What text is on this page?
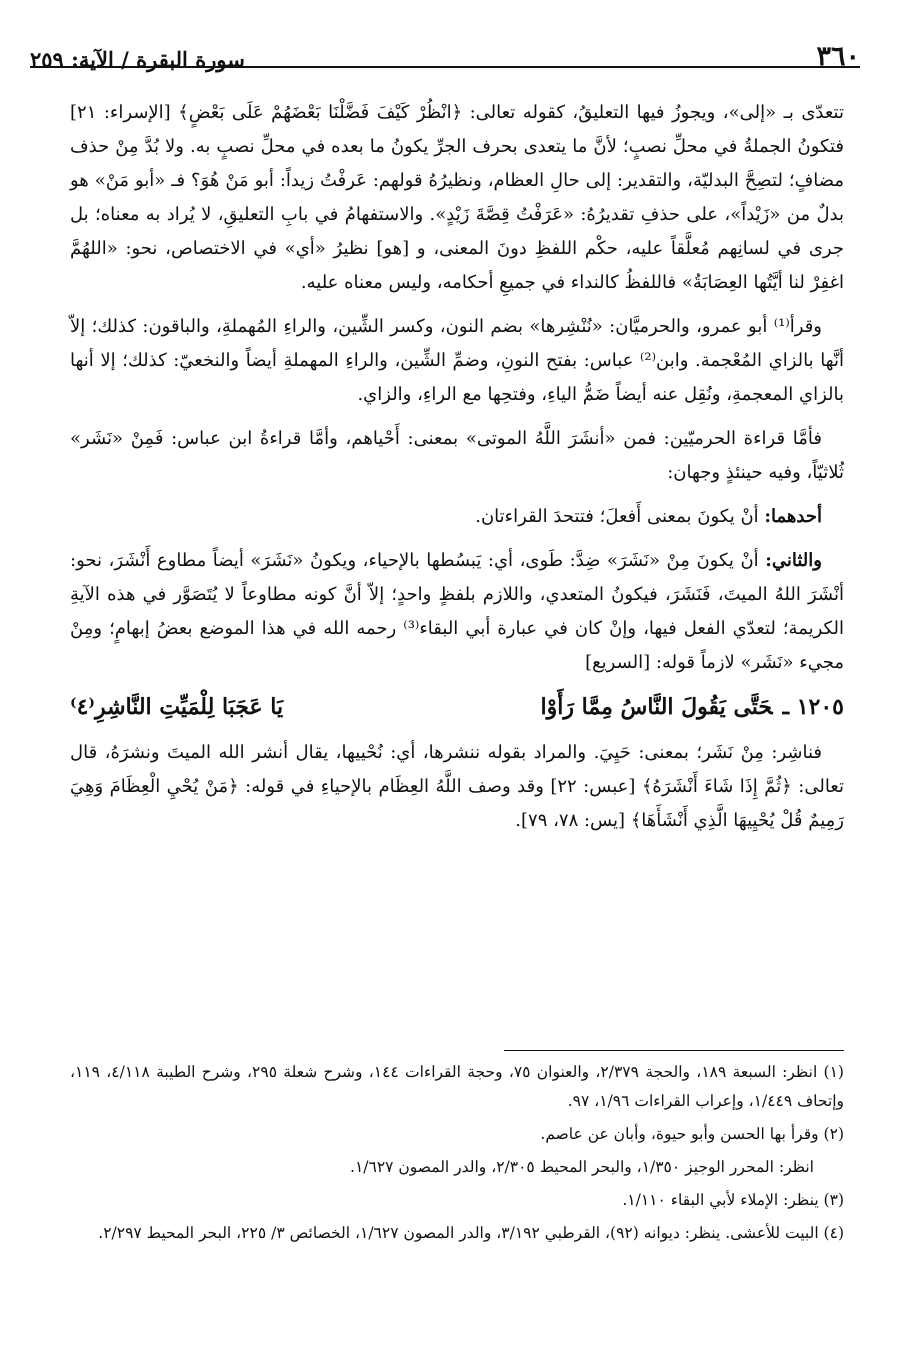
٣٦٠
سورة البقرة / الآية: ٢٥٩

تتعدّى بـ «إلى»، ويجوزُ فيها التعليقُ، كقوله تعالى: ﴿انْظُرْ كَيْفَ فَضَّلْنَا بَعْضَهُمْ عَلَى بَعْضٍ﴾ [الإسراء: ٢١] فتكونُ الجملةُ في محلِّ نصبٍ؛ لأنَّ ما يتعدى بحرف الجرِّ يكونُ ما بعده في محلِّ نصبٍ به. ولا بُدَّ مِنْ حذف مضافٍ؛ لتصِحَّ البدليّة، والتقدير: إلى حالِ العظام، ونظيرُهُ قولهم: عَرفْتُ زيداً: أبو مَنْ هُوَ؟ فـ «أبو مَنْ» هو بدلٌ من «زَيْداً»، على حذفِ تقديرُهُ: «عَرَفْتُ قِصَّةَ زَيْدٍ». والاستفهامُ في بابِ التعليقِ، لا يُراد به معناه؛ بل جرى في لسانِهم مُعلَّقاً عليه، حكْم اللفظِ دونَ المعنى، و [هو] نظيرُ «أي» في الاختصاص، نحو: «اللهُمَّ اغفِرْ لنا أيَّتُها العِصَابَةُ» فاللفظُ كالنداء في جميعِ أحكامه، وليس معناه عليه.

وقرأ⁽¹⁾ أبو عمرو، والحرميَّان: «نُنْشِرها» بضم النون، وكسر الشِّين، والراءِ المُهملةِ، والباقون: كذلك؛ إلاّ أنَّها بالزاي المُعْجمة. وابن⁽²⁾ عباس: بفتح النونِ، وضمِّ الشِّين، والراءِ المهملةِ أيضاً والنخعيّ: كذلك؛ إلا أنها بالزاي المعجمةِ، ونُقِل عنه أيضاً ضَمُّ الياءِ، وفتحِها مع الراءِ، والزاي.

فأمَّا قراءة الحرميّين: فمن «أنشَرَ اللَّهُ الموتى» بمعنى: أَحْياهم، وأمَّا قراءةُ ابن عباس: فَمِنْ «نَشَر» ثُلاثيّاً، وفيه حينئذٍ وجهان:

أحدهما: أنْ يكونَ بمعنى أَفعلَ؛ فتتحدَ القراءتان.

والثاني: أنْ يكونَ مِنْ «نَشَرَ» ضِدَّ: طَوى، أي: يَبسُطها بالإحياء، ويكونُ «نَشَرَ» أيضاً مطاوع أَنْشَرَ، نحو: أنْشَرَ اللهُ الميتَ، فَنَشَرَ، فيكونُ المتعدي، واللازم بلفظٍ واحدٍ؛ إلاّ أنَّ كونه مطاوعاً لا يُتَصَوَّر في هذه الآيةِ الكريمة؛ لتعدّي الفعل فيها، وإنْ كان في عبارة أبي البقاء⁽³⁾ رحمه الله في هذا الموضع بعضُ إبهامٍ؛ ومِنْ مجيء «نَشَر» لازماً قوله: [السريع]

١٢٠٥ ـحَتَّى يَقُولَ النَّاسُ مِمَّا رَأَوْا
يَا عَجَبَا لِلْمَيِّتِ النَّاشِرِ⁽٤⁾

فناشِر: مِنْ نَشَر؛ بمعنى: حَيِيَ. والمراد بقوله ننشرها، أي: نُحْييها، يقال أنشر الله الميتَ ونشرَهُ، قال تعالى: ﴿ثُمَّ إِذَا شَاءَ أَنْشَرَهُ﴾ [عبس: ٢٢] وقد وصف اللَّهُ العِظَام بالإحياءِ في قوله: ﴿مَنْ يُحْيِ الْعِظَامَ وَهِيَ رَمِيمٌ قُلْ يُحْيِيهَا الَّذِي أَنْشَأَهَا﴾ [يس: ٧٨، ٧٩].

(١) انظر: السبعة ١٨٩، والحجة ٢/٣٧٩، والعنوان ٧٥، وحجة القراءات ١٤٤، وشرح شعلة ٢٩٥، وشرح الطيبة ٤/١١٨، ١١٩، وإتحاف ١/٤٤٩، وإعراب القراءات ١/٩٦، ٩٧.

(٢) وقرأ بها الحسن وأبو حيوة، وأبان عن عاصم.

انظر: المحرر الوجيز ١/٣٥٠، والبحر المحيط ٢/٣٠٥، والدر المصون ١/٦٢٧.

(٣) ينظر: الإملاء لأبي البقاء ١/١١٠.

(٤) البيت للأعشى. ينظر: ديوانه (٩٢)، القرطبي ٣/١٩٢، والدر المصون ١/٦٢٧، الخصائص ٣/ ٢٢٥، البحر المحيط ٢/٢٩٧.
